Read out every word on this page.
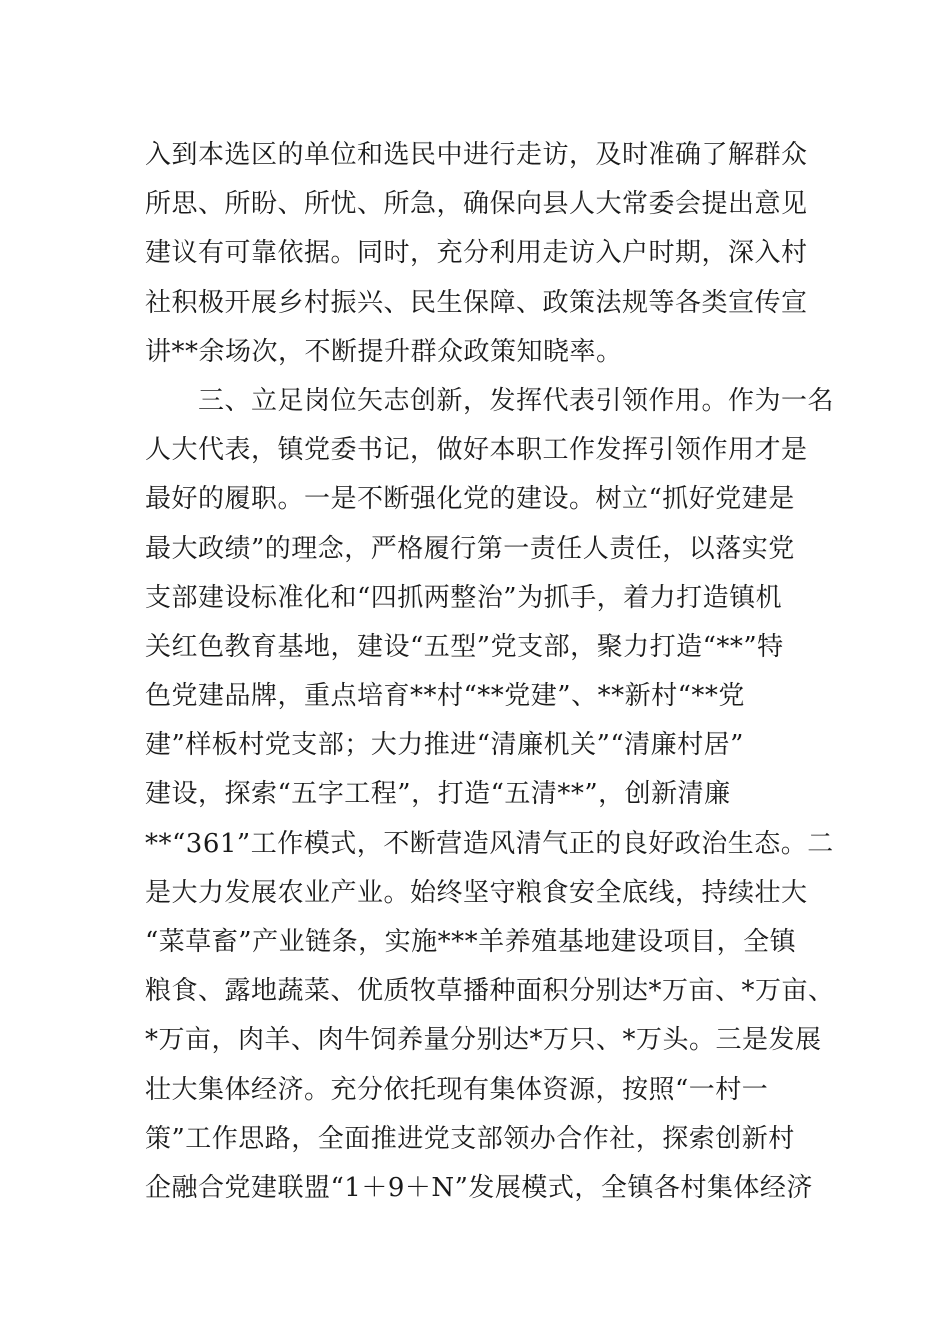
入到本选区的单位和选民中进行走访，及时准确了解群众
所思、所盼、所忧、所急，确保向县人大常委会提出意见
建议有可靠依据。同时，充分利用走访入户时期，深入村
社积极开展乡村振兴、民生保障、政策法规等各类宣传宣
讲**余场次，不断提升群众政策知晓率。
　　三、立足岗位矢志创新，发挥代表引领作用。作为一名
人大代表，镇党委书记，做好本职工作发挥引领作用才是
最好的履职。一是不断强化党的建设。树立“抓好党建是
最大政绩”的理念，严格履行第一责任人责任，以落实党
支部建设标准化和“四抓两整治”为抓手，着力打造镇机
关红色教育基地，建设“五型”党支部，聚力打造“**”特
色党建品牌，重点培育**村“**党建”、**新村“**党
建”样板村党支部；大力推进“清廉机关”“清廉村居”
建设，探索“五字工程”，打造“五清**”，创新清廉
**“361”工作模式，不断营造风清气正的良好政治生态。二
是大力发展农业产业。始终坚守粮食安全底线，持续壮大
“菜草畜”产业链条，实施***羊养殖基地建设项目，全镇
粮食、露地蔬菜、优质牧草播种面积分别达*万亩、*万亩、
*万亩，肉羊、肉牛饲养量分别达*万只、*万头。三是发展
壮大集体经济。充分依托现有集体资源，按照“一村一
策”工作思路，全面推进党支部领办合作社，探索创新村
企融合党建联盟“1＋9＋N”发展模式，全镇各村集体经济
